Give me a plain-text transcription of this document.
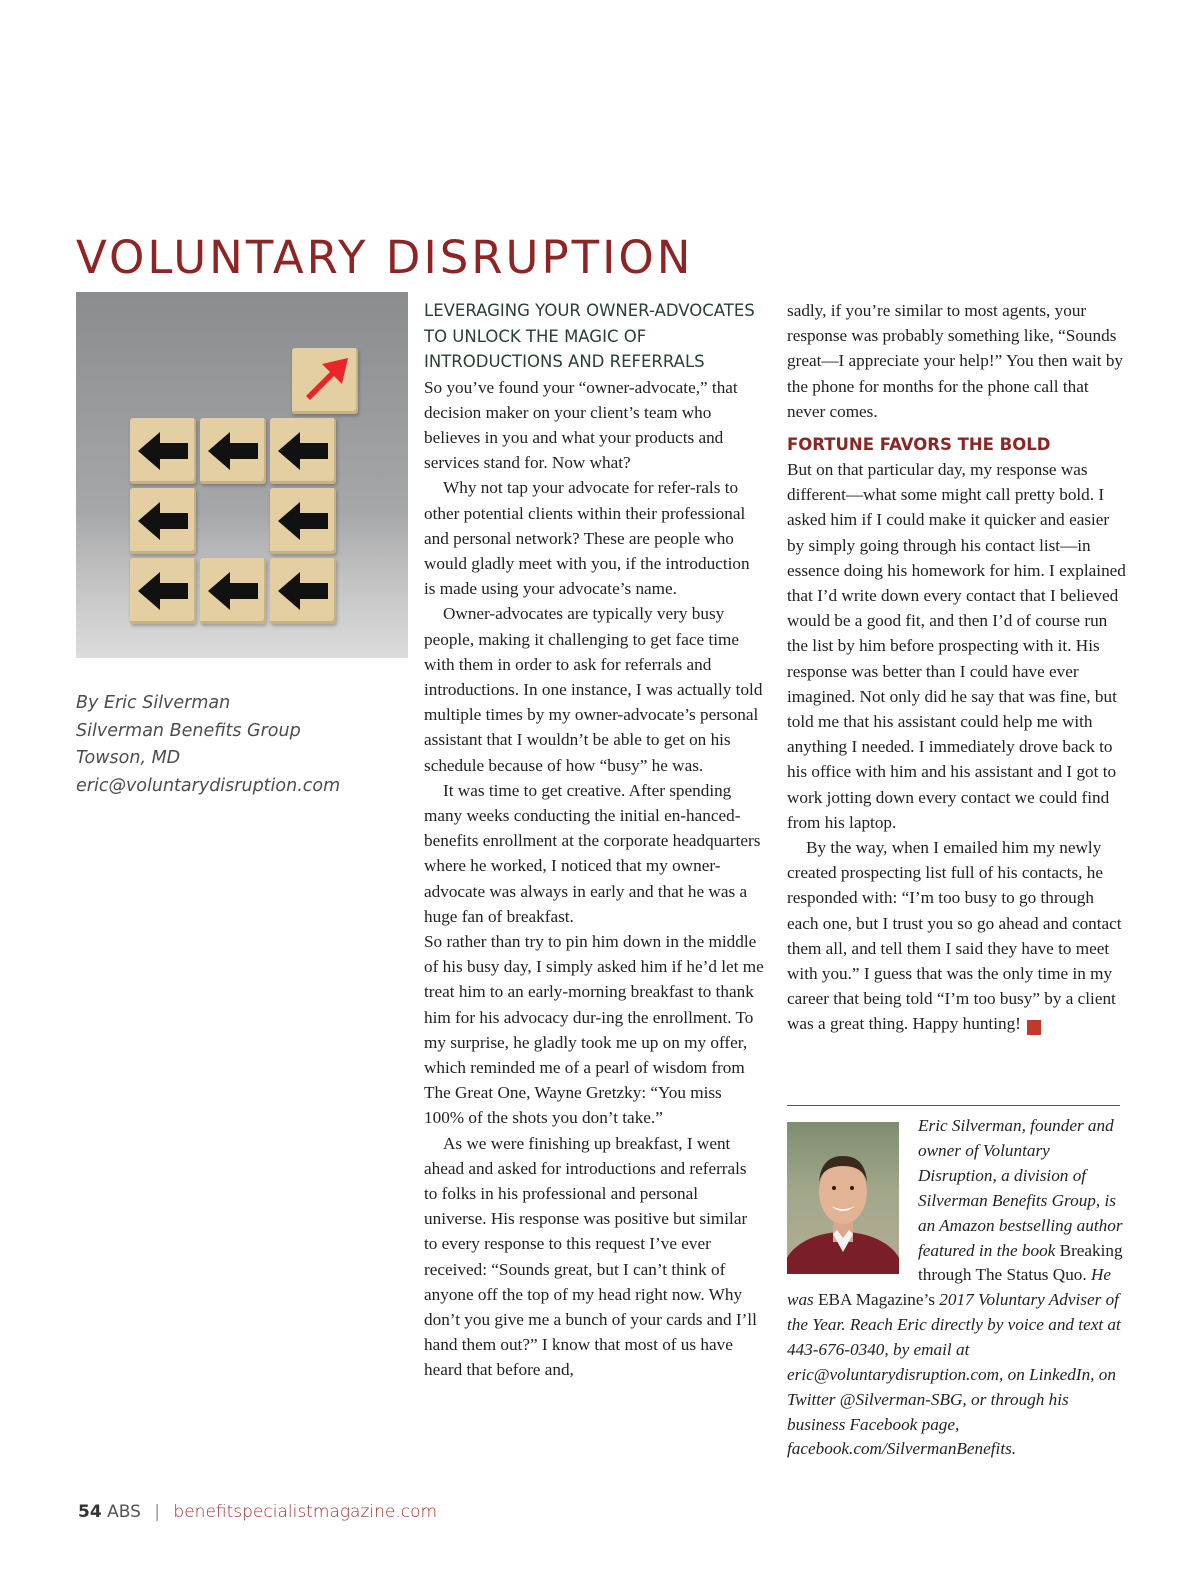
VOLUNTARY DISRUPTION
By Eric Silverman
Silverman Benefits Group
Towson, MD
eric@voluntarydisruption.com
LEVERAGING YOUR OWNER-ADVOCATES TO UNLOCK THE MAGIC OF INTRODUCTIONS AND REFERRALS

So you’ve found your “owner-advocate,” that decision maker on your client’s team who believes in you and what your products and services stand for. Now what?

Why not tap your advocate for refer-rals to other potential clients within their professional and personal network? These are people who would gladly meet with you, if the introduction is made using your advocate’s name.

Owner-advocates are typically very busy people, making it challenging to get face time with them in order to ask for referrals and introductions. In one instance, I was actually told multiple times by my owner-advocate’s personal assistant that I wouldn’t be able to get on his schedule because of how “busy” he was.

It was time to get creative. After spending many weeks conducting the initial en-hanced-benefits enrollment at the corporate headquarters where he worked, I noticed that my owner-advocate was always in early and that he was a huge fan of breakfast.

So rather than try to pin him down in the middle of his busy day, I simply asked him if he’d let me treat him to an early-morning breakfast to thank him for his advocacy dur-ing the enrollment. To my surprise, he gladly took me up on my offer, which reminded me of a pearl of wisdom from The Great One, Wayne Gretzky: “You miss 100% of the shots you don’t take.”

As we were finishing up breakfast, I went ahead and asked for introductions and referrals to folks in his professional and personal universe. His response was positive but similar to every response to this request I’ve ever received: “Sounds great, but I can’t think of anyone off the top of my head right now. Why don’t you give me a bunch of your cards and I’ll hand them out?” I know that most of us have heard that before and,

sadly, if you’re similar to most agents, your response was probably something like, “Sounds great—I appreciate your help!” You then wait by the phone for months for the phone call that never comes.

FORTUNE FAVORS THE BOLD

But on that particular day, my response was different—what some might call pretty bold. I asked him if I could make it quicker and easier by simply going through his contact list—in essence doing his homework for him. I explained that I’d write down every contact that I believed would be a good fit, and then I’d of course run the list by him before prospecting with it. His response was better than I could have ever imagined. Not only did he say that was fine, but told me that his assistant could help me with anything I needed. I immediately drove back to his office with him and his assistant and I got to work jotting down every contact we could find from his laptop.

By the way, when I emailed him my newly created prospecting list full of his contacts, he responded with: “I’m too busy to go through each one, but I trust you so go ahead and contact them all, and tell them I said they have to meet with you.” I guess that was the only time in my career that being told “I’m too busy” by a client was a great thing. Happy hunting!	ABS

Eric Silverman, founder and owner of Voluntary Disruption, a division of Silverman Benefits Group, is an Amazon bestselling author featured in the book Breaking through The Status Quo. He
54 ABS | benefitspecialistmagazine.com
was EBA Magazine’s 2017 Voluntary Adviser of the Year. Reach Eric directly by voice and text at 443-676-0340, by email at eric@voluntarydisruption.com, on LinkedIn, on Twitter @Silverman-SBG, or through his business Facebook page, facebook.com/SilvermanBenefits.
